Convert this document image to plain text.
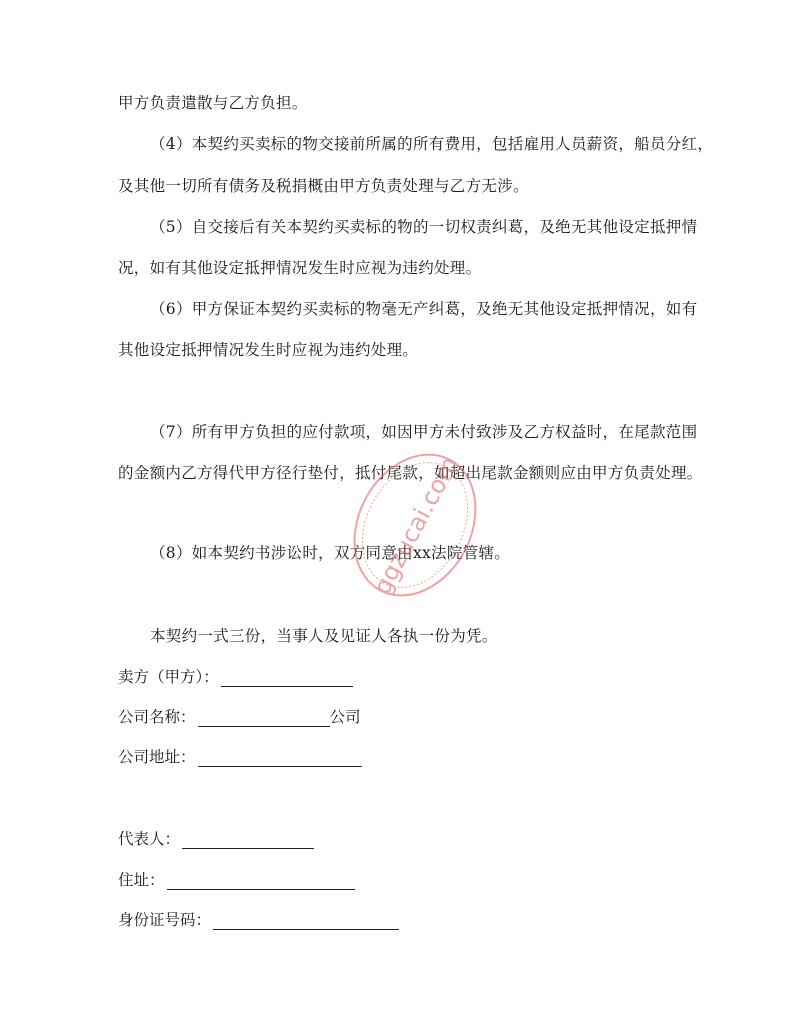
甲方负责遣散与乙方负担。
（4）本契约买卖标的物交接前所属的所有费用，包括雇用人员薪资，船员分红，
及其他一切所有债务及税捐概由甲方负责处理与乙方无涉。
（5）自交接后有关本契约买卖标的物的一切权责纠葛，及绝无其他设定抵押情
况，如有其他设定抵押情况发生时应视为违约处理。
（6）甲方保证本契约买卖标的物毫无产纠葛，及绝无其他设定抵押情况，如有
其他设定抵押情况发生时应视为违约处理。
（7）所有甲方负担的应付款项，如因甲方未付致涉及乙方权益时，在尾款范围
的金额内乙方得代甲方径行垫付，抵付尾款，如超出尾款金额则应由甲方负责处理。
（8）如本契约书涉讼时，双方同意由xx法院管辖。
本契约一式三份，当事人及见证人各执一份为凭。
卖方（甲方）：
公司名称：	公司
公司地址：
代表人：
住址：
身份证号码：
ggzucai.com
